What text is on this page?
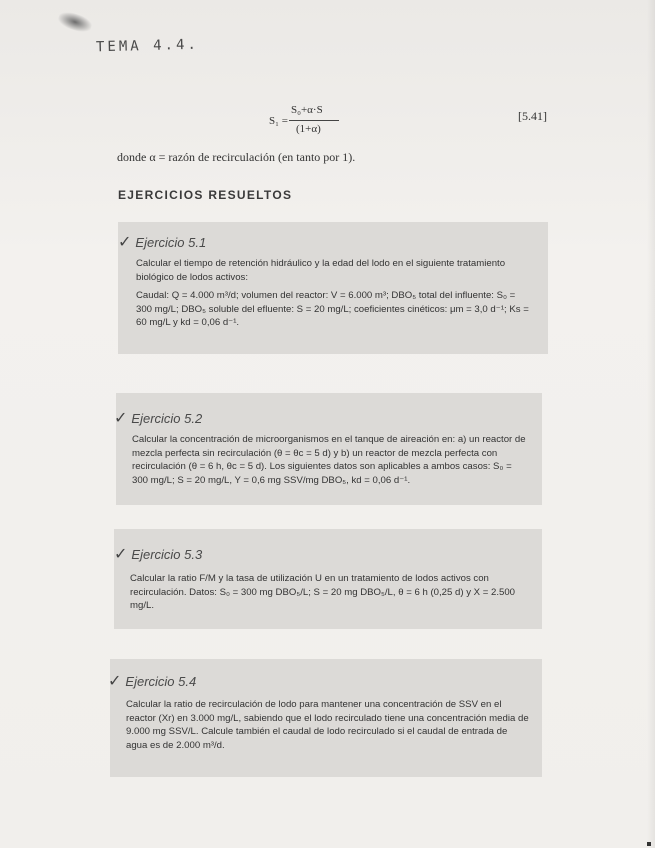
TEMA 4.4.
S₁ =
S₀+α·S
(1+α)
[5.41]
donde α = razón de recirculación (en tanto por 1).
EJERCICIOS RESUELTOS
✓ Ejercicio 5.1

Calcular el tiempo de retención hidráulico y la edad del lodo en el siguiente tratamiento biológico de lodos activos:

Caudal: Q = 4.000 m³/d; volumen del reactor: V = 6.000 m³; DBO₅ total del influente: S₀ = 300 mg/L; DBO₅ soluble del efluente: S = 20 mg/L; coeficientes cinéticos: μm = 3,0 d⁻¹; Ks = 60 mg/L y kd = 0,06 d⁻¹.

✓ Ejercicio 5.2

Calcular la concentración de microorganismos en el tanque de aireación en: a) un reactor de mezcla perfecta sin recirculación (θ = θc = 5 d) y b) un reactor de mezcla perfecta con recirculación (θ = 6 h, θc = 5 d). Los siguientes datos son aplicables a ambos casos: S₀ = 300 mg/L; S = 20 mg/L, Y = 0,6 mg SSV/mg DBO₅, kd = 0,06 d⁻¹.

✓ Ejercicio 5.3

Calcular la ratio F/M y la tasa de utilización U en un tratamiento de lodos activos con recirculación. Datos: S₀ = 300 mg DBO₅/L; S = 20 mg DBO₅/L, θ = 6 h (0,25 d) y X = 2.500 mg/L.

✓ Ejercicio 5.4

Calcular la ratio de recirculación de lodo para mantener una concentración de SSV en el reactor (Xr) en 3.000 mg/L, sabiendo que el lodo recirculado tiene una concentración media de 9.000 mg SSV/L. Calcule también el caudal de lodo recirculado si el caudal de entrada de agua es de 2.000 m³/d.
